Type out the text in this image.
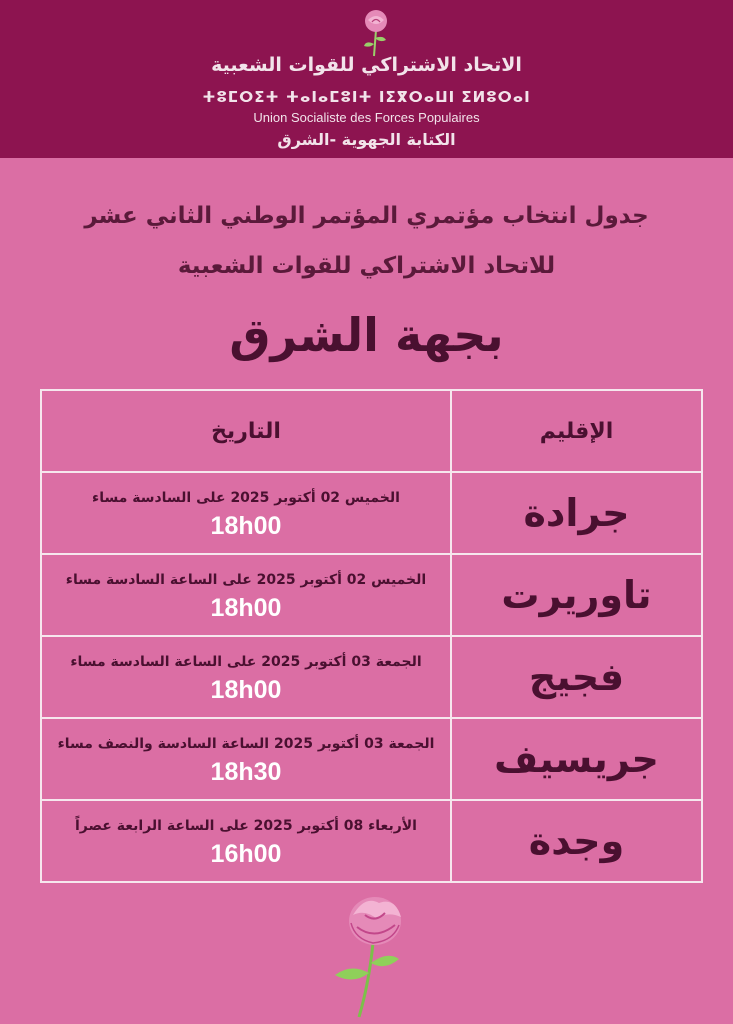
الاتحاد الاشتراكي للقوات الشعبية
ⵜⵓⵎⵔⵉⵜ ⵜⴰⵏⴰⵎⵓⵏⵜ ⵏⵉⴳⵔⴰⵡⵏ ⵉⵍⵓⵔⴰⵏ
Union Socialiste des Forces Populaires
الكتابة الجهوية -الشرق
جدول انتخاب مؤتمري المؤتمر الوطني الثاني عشر
للاتحاد الاشتراكي للقوات الشعبية
بجهة الشرق
الإقليم	التاريخ
جرادة	الخميس 02 أكتوبر 2025 على السادسة مساء
18h00

تاوريرت	الخميس 02 أكتوبر 2025 على الساعة السادسة مساء
18h00

فجيج	الجمعة 03 أكتوبر 2025 على الساعة السادسة مساء
18h00

جريسيف	الجمعة 03 أكتوبر 2025 الساعة السادسة والنصف مساء
18h30

وجدة	الأربعاء 08 أكتوبر 2025 على الساعة الرابعة عصراً
16h00
